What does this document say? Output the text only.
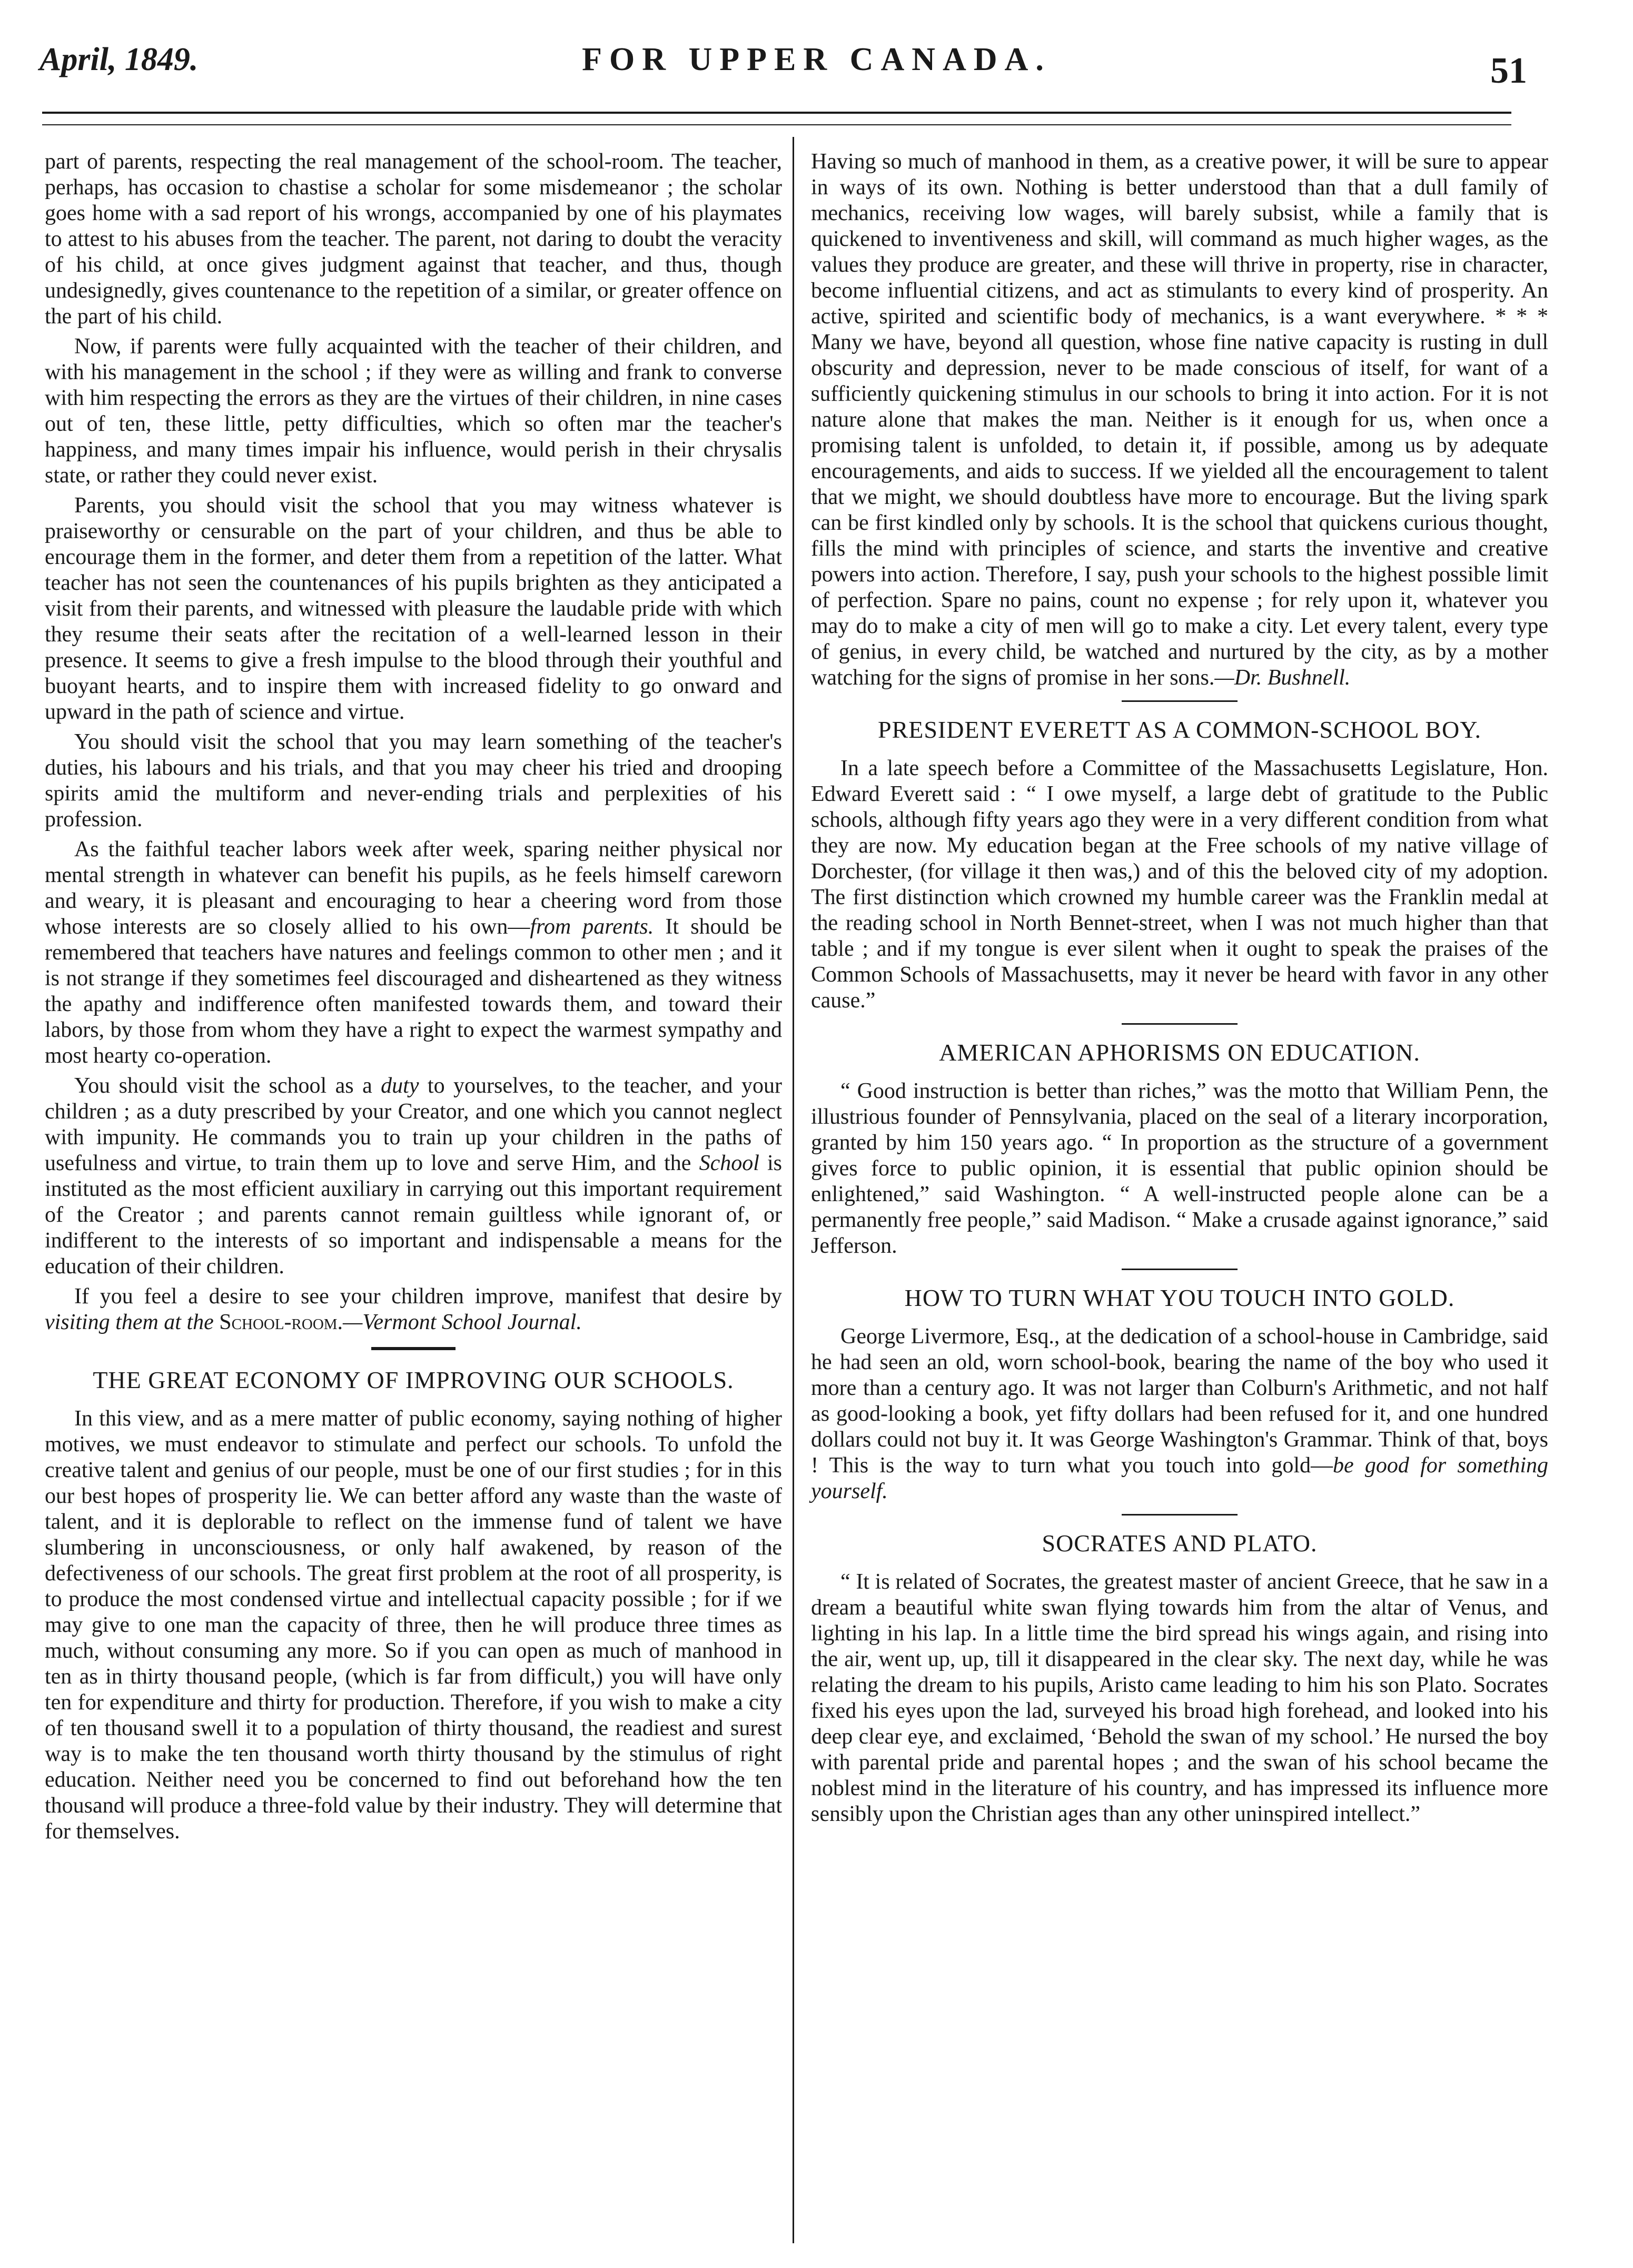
April, 1849.	FOR UPPER CANADA.	51

part of parents, respecting the real management of the school-room. The teacher, perhaps, has occasion to chastise a scholar for some misdemeanor ; the scholar goes home with a sad report of his wrongs, accompanied by one of his playmates to attest to his abuses from the teacher. The parent, not daring to doubt the veracity of his child, at once gives judgment against that teacher, and thus, though undesignedly, gives countenance to the repetition of a similar, or greater offence on the part of his child.

Now, if parents were fully acquainted with the teacher of their children, and with his management in the school ; if they were as willing and frank to converse with him respecting the errors as they are the virtues of their children, in nine cases out of ten, these little, petty difficulties, which so often mar the teacher's happiness, and many times impair his influence, would perish in their chrysalis state, or rather they could never exist.

Parents, you should visit the school that you may witness whatever is praiseworthy or censurable on the part of your children, and thus be able to encourage them in the former, and deter them from a repetition of the latter. What teacher has not seen the countenances of his pupils brighten as they anticipated a visit from their parents, and witnessed with pleasure the laudable pride with which they resume their seats after the recitation of a well-learned lesson in their presence. It seems to give a fresh impulse to the blood through their youthful and buoyant hearts, and to inspire them with increased fidelity to go onward and upward in the path of science and virtue.

You should visit the school that you may learn something of the teacher's duties, his labours and his trials, and that you may cheer his tried and drooping spirits amid the multiform and never-ending trials and perplexities of his profession.

As the faithful teacher labors week after week, sparing neither physical nor mental strength in whatever can benefit his pupils, as he feels himself careworn and weary, it is pleasant and encouraging to hear a cheering word from those whose interests are so closely allied to his own—from parents. It should be remembered that teachers have natures and feelings common to other men ; and it is not strange if they sometimes feel discouraged and disheartened as they witness the apathy and indifference often manifested towards them, and toward their labors, by those from whom they have a right to expect the warmest sympathy and most hearty co-operation.

You should visit the school as a duty to yourselves, to the teacher, and your children ; as a duty prescribed by your Creator, and one which you cannot neglect with impunity. He commands you to train up your children in the paths of usefulness and virtue, to train them up to love and serve Him, and the School is instituted as the most efficient auxiliary in carrying out this important requirement of the Creator ; and parents cannot remain guiltless while ignorant of, or indifferent to the interests of so important and indispensable a means for the education of their children.

If you feel a desire to see your children improve, manifest that desire by visiting them at the School-room.—Vermont School Journal.

THE GREAT ECONOMY OF IMPROVING OUR SCHOOLS.

In this view, and as a mere matter of public economy, saying nothing of higher motives, we must endeavor to stimulate and perfect our schools. To unfold the creative talent and genius of our people, must be one of our first studies ; for in this our best hopes of prosperity lie. We can better afford any waste than the waste of talent, and it is deplorable to reflect on the immense fund of talent we have slumbering in unconsciousness, or only half awakened, by reason of the defectiveness of our schools. The great first problem at the root of all prosperity, is to produce the most condensed virtue and intellectual capacity possible ; for if we may give to one man the capacity of three, then he will produce three times as much, without consuming any more. So if you can open as much of manhood in ten as in thirty thousand people, (which is far from difficult,) you will have only ten for expenditure and thirty for production. Therefore, if you wish to make a city of ten thousand swell it to a population of thirty thousand, the readiest and surest way is to make the ten thousand worth thirty thousand by the stimulus of right education. Neither need you be concerned to find out beforehand how the ten thousand will produce a three-fold value by their industry. They will determine that for themselves.

Having so much of manhood in them, as a creative power, it will be sure to appear in ways of its own. Nothing is better understood than that a dull family of mechanics, receiving low wages, will barely subsist, while a family that is quickened to inventiveness and skill, will command as much higher wages, as the values they produce are greater, and these will thrive in property, rise in character, become influential citizens, and act as stimulants to every kind of prosperity. An active, spirited and scientific body of mechanics, is a want everywhere. * * * Many we have, beyond all question, whose fine native capacity is rusting in dull obscurity and depression, never to be made conscious of itself, for want of a sufficiently quickening stimulus in our schools to bring it into action. For it is not nature alone that makes the man. Neither is it enough for us, when once a promising talent is unfolded, to detain it, if possible, among us by adequate encouragements, and aids to success. If we yielded all the encouragement to talent that we might, we should doubtless have more to encourage. But the living spark can be first kindled only by schools. It is the school that quickens curious thought, fills the mind with principles of science, and starts the inventive and creative powers into action. Therefore, I say, push your schools to the highest possible limit of perfection. Spare no pains, count no expense ; for rely upon it, whatever you may do to make a city of men will go to make a city. Let every talent, every type of genius, in every child, be watched and nurtured by the city, as by a mother watching for the signs of promise in her sons.—Dr. Bushnell.

PRESIDENT EVERETT AS A COMMON-SCHOOL BOY.

In a late speech before a Committee of the Massachusetts Legislature, Hon. Edward Everett said : “ I owe myself, a large debt of gratitude to the Public schools, although fifty years ago they were in a very different condition from what they are now. My education began at the Free schools of my native village of Dorchester, (for village it then was,) and of this the beloved city of my adoption. The first distinction which crowned my humble career was the Franklin medal at the reading school in North Bennet-street, when I was not much higher than that table ; and if my tongue is ever silent when it ought to speak the praises of the Common Schools of Massachusetts, may it never be heard with favor in any other cause.”

AMERICAN APHORISMS ON EDUCATION.

“ Good instruction is better than riches,” was the motto that William Penn, the illustrious founder of Pennsylvania, placed on the seal of a literary incorporation, granted by him 150 years ago. “ In proportion as the structure of a government gives force to public opinion, it is essential that public opinion should be enlightened,” said Washington. “ A well-instructed people alone can be a permanently free people,” said Madison. “ Make a crusade against ignorance,” said Jefferson.

HOW TO TURN WHAT YOU TOUCH INTO GOLD.

George Livermore, Esq., at the dedication of a school-house in Cambridge, said he had seen an old, worn school-book, bearing the name of the boy who used it more than a century ago. It was not larger than Colburn's Arithmetic, and not half as good-looking a book, yet fifty dollars had been refused for it, and one hundred dollars could not buy it. It was George Washington's Grammar. Think of that, boys ! This is the way to turn what you touch into gold—be good for something yourself.

SOCRATES AND PLATO.

“ It is related of Socrates, the greatest master of ancient Greece, that he saw in a dream a beautiful white swan flying towards him from the altar of Venus, and lighting in his lap. In a little time the bird spread his wings again, and rising into the air, went up, up, till it disappeared in the clear sky. The next day, while he was relating the dream to his pupils, Aristo came leading to him his son Plato. Socrates fixed his eyes upon the lad, surveyed his broad high forehead, and looked into his deep clear eye, and exclaimed, ‘Behold the swan of my school.’ He nursed the boy with parental pride and parental hopes ; and the swan of his school became the noblest mind in the literature of his country, and has impressed its influence more sensibly upon the Christian ages than any other uninspired intellect.”
